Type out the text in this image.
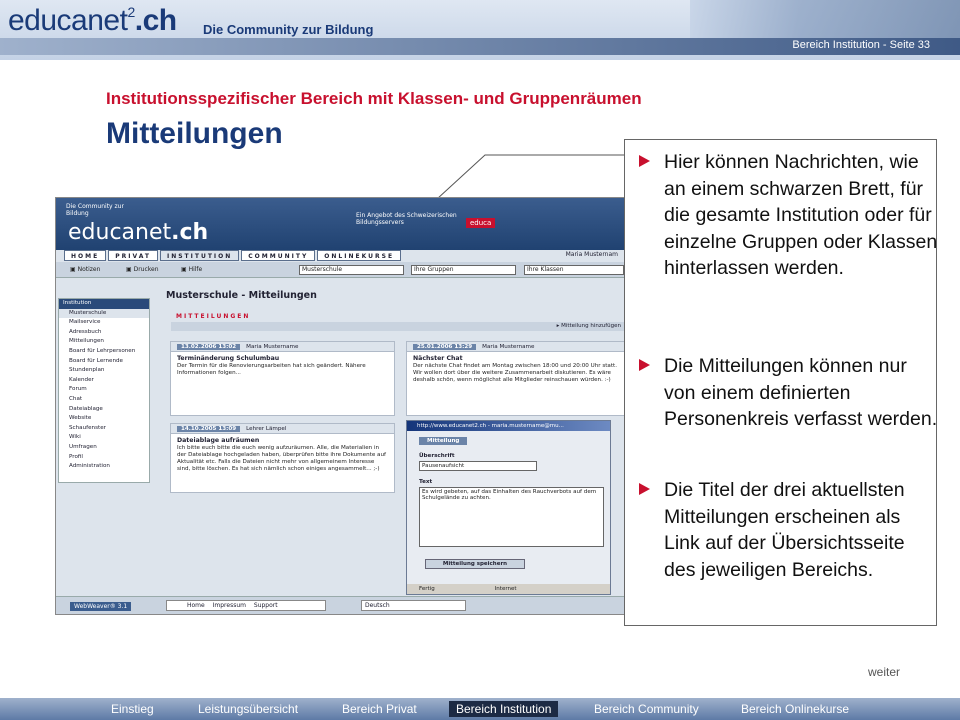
educanet$^2$.ch Die Community zur Bildung
Bereich Institution - Seite 33
Institutionsspezifischer Bereich mit Klassen- und Gruppenräumen
Mitteilungen
Die Community zur Bildung
educanet.ch
Ein Angebot des Schweizerischen Bildungsservers	educa
HOME	PRIVAT	INSTITUTION	COMMUNITY	ONLINEKURSE	Maria Musternam
▣ Notizen	▣ Drucken	▣ Hilfe	Musterschule	Ihre Gruppen	Ihre Klassen
Institution
Musterschule
Mailservice
Adressbuch
Mitteilungen
Board für Lehrpersonen
Board für Lernende
Stundenplan
Kalender
Forum
Chat
Dateiablage
Website
Schaufenster
Wiki
Umfragen
Profil
Administration
Musterschule - Mitteilungen
MITTEILUNGEN
▸ Mitteilung hinzufügen
13.02.2006 13:02 Maria Mustername
Terminänderung Schulumbau
Der Termin für die Renovierungsarbeiten hat sich geändert. Nähere Informationen folgen...
25.01.2006 13:29 Maria Mustername
Nächster Chat
Der nächste Chat findet am Montag zwischen 18:00 und 20:00 Uhr statt. Wir wollen dort über die weitere Zusammenarbeit diskutieren. Es wäre deshalb schön, wenn möglichst alle Mitglieder reinschauen würden. :-)
14.10.2005 13:09 Lehrer Lämpel
Dateiablage aufräumen
Ich bitte euch bitte die euch wenig aufzuräumen. Alle, die Materialien in der Dateiablage hochgeladen haben, überprüfen bitte ihre Dokumente auf Aktualität etc. Falls die Dateien nicht mehr von allgemeinem Interesse sind, bitte löschen. Es hat sich nämlich schon einiges angesammelt... ;-)
http://www.educanet2.ch - maria.mustername@mu...
Mitteilung
Überschrift
Pausenaufsicht
Text
Es wird gebeten, auf das Einhalten des Rauchverbots auf dem Schulgelände zu achten.
Mitteilung speichern
Fertig	Internet
WebWeaver® 3.1	Home Impressum Support	Deutsch
Hier können Nachrichten, wie an einem schwarzen Brett, für die gesamte Institution oder für einzelne Gruppen oder Klassen hinterlassen werden.
Die Mitteilungen können nur von einem definierten Personenkreis verfasst werden.
Die Titel der drei aktuellsten Mitteilungen erscheinen als Link auf der Übersichtsseite des jeweiligen Bereichs.
weiter
Einstieg	Leistungsübersicht	Bereich Privat	Bereich Institution	Bereich Community	Bereich Onlinekurse
